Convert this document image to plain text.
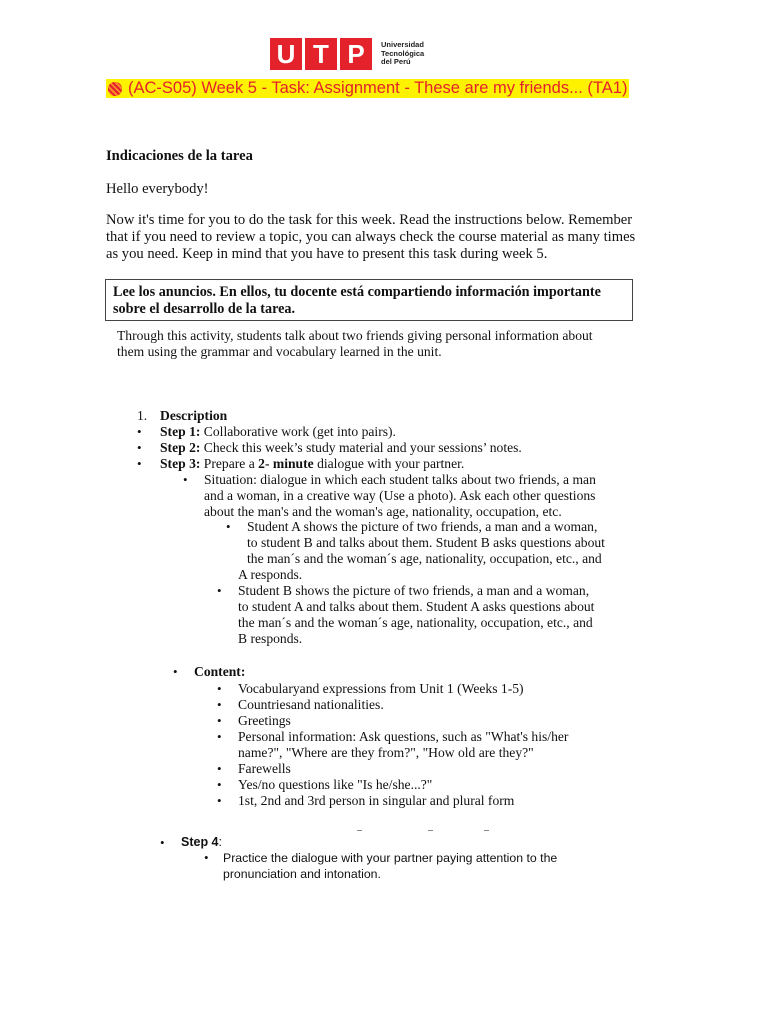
U T P	Universidad
Tecnológica
del Perú
(AC-S05) Week 5 - Task: Assignment - These are my friends... (TA1)
Indicaciones de la tarea
Hello everybody!
Now it's time for you to do the task for this week. Read the instructions below. Remember
that if you need to review a topic, you can always check the course material as many times
as you need. Keep in mind that you have to present this task during week 5.
Lee los anuncios. En ellos, tu docente está compartiendo información importante
sobre el desarrollo de la tarea.
Through this activity, students talk about two friends giving personal information about
them using the grammar and vocabulary learned in the unit.
1. Description
• Step 1: Collaborative work (get into pairs).
• Step 2: Check this week’s study material and your sessions’ notes.
• Step 3: Prepare a 2- minute dialogue with your partner.
• Situation: dialogue in which each student talks about two friends, a man
and a woman, in a creative way (Use a photo). Ask each other questions
about the man's and the woman's age, nationality, occupation, etc.
• Student A shows the picture of two friends, a man and a woman,
to student B and talks about them. Student B asks questions about
the man´s and the woman´s age, nationality, occupation, etc., and
A responds.
• Student B shows the picture of two friends, a man and a woman,
to student A and talks about them. Student A asks questions about
the man´s and the woman´s age, nationality, occupation, etc., and
B responds.
• Content:
• Vocabularyand expressions from Unit 1 (Weeks 1-5)
• Countriesand nationalities.
• Greetings
• Personal information: Ask questions, such as "What's his/her
name?", "Where are they from?", "How old are they?"
• Farewells
• Yes/no questions like "Is he/she...?"
• 1st, 2nd and 3rd person in singular and plural form
• Step 4:
• Practice the dialogue with your partner paying attention to the
pronunciation and intonation.
